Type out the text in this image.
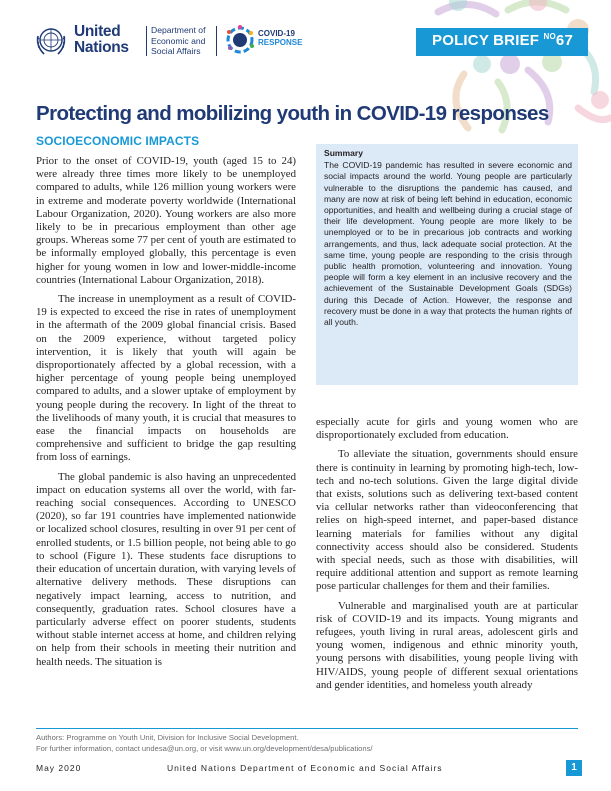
United
Nations
Department of
Economic and
Social Affairs
COVID-19
RESPONSE	POLICY BRIEF $^{NO}$67
Protecting and mobilizing youth in COVID-19 responses
SOCIOECONOMIC IMPACTS

Prior to the onset of COVID-19, youth (aged 15 to 24) were already three times more likely to be unemployed compared to adults, while 126 million young workers were in extreme and moderate poverty worldwide (International Labour Organization, 2020). Young workers are also more likely to be in precarious employment than other age groups. Whereas some 77 per cent of youth are estimated to be informally employed globally, this percentage is even higher for young women in low and lower-middle-income countries (International Labour Organization, 2018).

The increase in unemployment as a result of COVID-19 is expected to exceed the rise in rates of unemployment in the aftermath of the 2009 global financial crisis. Based on the 2009 experience, without targeted policy intervention, it is likely that youth will again be disproportionately affected by a global recession, with a higher percentage of young people being unemployed compared to adults, and a slower uptake of employment by young people during the recovery. In light of the threat to the livelihoods of many youth, it is crucial that measures to ease the financial impacts on households are comprehensive and sufficient to bridge the gap resulting from loss of earnings.

The global pandemic is also having an unprecedented impact on education systems all over the world, with far-reaching social consequences. According to UNESCO (2020), so far 191 countries have implemented nationwide or localized school closures, resulting in over 91 per cent of enrolled students, or 1.5 billion people, not being able to go to school (Figure 1). These students face disruptions to their education of uncertain duration, with varying levels of alternative delivery methods. These disruptions can negatively impact learning, access to nutrition, and consequently, graduation rates. School closures have a particularly adverse effect on poorer students, students without stable internet access at home, and children relying on help from their schools in meeting their nutrition and health needs. The situation is

Summary

The COVID-19 pandemic has resulted in severe economic and social impacts around the world. Young people are particularly vulnerable to the disruptions the pandemic has caused, and many are now at risk of being left behind in education, economic opportunities, and health and wellbeing during a crucial stage of their life development. Young people are more likely to be unemployed or to be in precarious job contracts and working arrangements, and thus, lack adequate social protection. At the same time, young people are responding to the crisis through public health promotion, volunteering and innovation. Young people will form a key element in an inclusive recovery and the achievement of the Sustainable Development Goals (SDGs) during this Decade of Action. However, the response and recovery must be done in a way that protects the human rights of all youth.

especially acute for girls and young women who are disproportionately excluded from education.

To alleviate the situation, governments should ensure there is continuity in learning by promoting high-tech, low-tech and no-tech solutions. Given the large digital divide that exists, solutions such as delivering text-based content via cellular networks rather than videoconferencing that relies on high-speed internet, and paper-based distance learning materials for families without any digital connectivity access should also be considered. Students with special needs, such as those with disabilities, will require additional attention and support as remote learning pose particular challenges for them and their families.

Vulnerable and marginalised youth are at particular risk of COVID-19 and its impacts. Young migrants and refugees, youth living in rural areas, adolescent girls and young women, indigenous and ethnic minority youth, young persons with disabilities, young people living with HIV/AIDS, young people of different sexual orientations and gender identities, and homeless youth already

Authors: Programme on Youth Unit, Division for Inclusive Social Development.
For further information, contact undesa@un.org, or visit www.un.org/development/desa/publications/
May 2020	United Nations Department of Economic and Social Affairs	1
